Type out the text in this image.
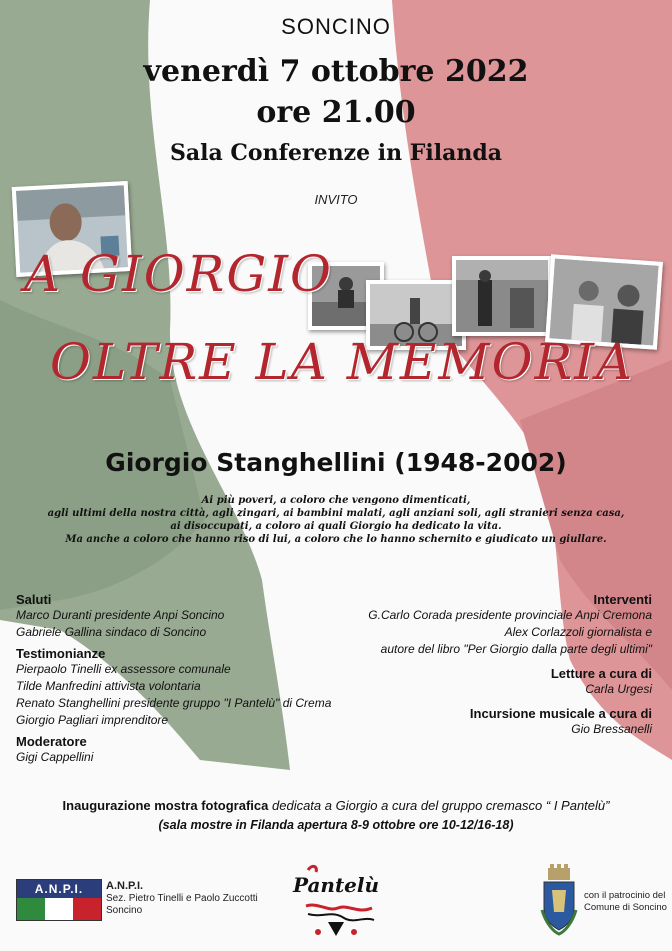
SONCINO
venerdì 7 ottobre 2022
ore 21.00
Sala Conferenze in Filanda
INVITO
A GIORGIO
OLTRE LA MEMORIA
Giorgio Stanghellini (1948-2002)
Ai più poveri, a coloro che vengono dimenticati,
agli ultimi della nostra città, agli zingari, ai bambini malati, agli anziani soli, agli stranieri senza casa,
ai disoccupati, a coloro ai quali Giorgio ha dedicato la vita.
Ma anche a coloro che hanno riso di lui, a coloro che lo hanno schernito e giudicato un giullare.
Saluti
Marco Duranti presidente Anpi Soncino
Gabriele Gallina sindaco di Soncino
Testimonianze
Pierpaolo Tinelli ex assessore comunale
Tilde Manfredini attivista volontaria
Renato Stanghellini presidente gruppo "I Pantelù" di Crema
Giorgio Pagliari imprenditore
Moderatore
Gigi Cappellini
Interventi
G.Carlo Corada presidente provinciale Anpi Cremona
Alex Corlazzoli giornalista e
autore del libro "Per Giorgio dalla parte degli ultimi"
Letture a cura di
Carla Urgesi
Incursione musicale a cura di
Gio Bressanelli
Inaugurazione mostra fotografica dedicata a Giorgio a cura del gruppo cremasco “ I Pantelù”
(sala mostre in Filanda apertura 8-9 ottobre ore 10-12/16-18)
A.N.P.I.	A.N.P.I.
Sez. Pietro Tinelli e Paolo Zuccotti
Soncino
Pantelù	con il patrocinio del
Comune di Soncino
